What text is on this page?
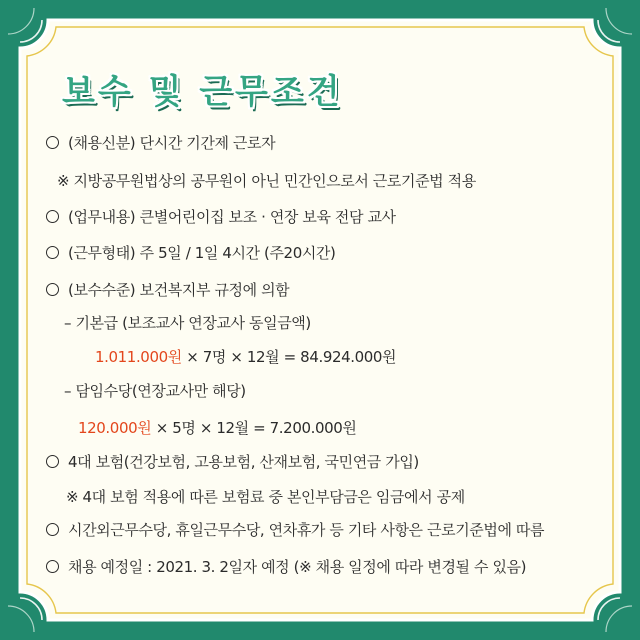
보수 및 근무조건
(채용신분) 단시간 기간제 근로자
※ 지방공무원법상의 공무원이 아닌 민간인으로서 근로기준법 적용
(업무내용) 큰별어린이집 보조 · 연장 보육 전담 교사
(근무형태) 주 5일 / 1일 4시간 (주20시간)
(보수수준) 보건복지부 규정에 의함
– 기본급 (보조교사 연장교사 동일금액)
1.011.000원 × 7명 × 12월 = 84.924.000원
– 담임수당(연장교사만 해당)
120.000원 × 5명 × 12월 = 7.200.000원
4대 보험(건강보험, 고용보험, 산재보험, 국민연금 가입)
※ 4대 보험 적용에 따른 보험료 중 본인부담금은 임금에서 공제
시간외근무수당, 휴일근무수당, 연차휴가 등 기타 사항은 근로기준법에 따름
채용 예정일 : 2021. 3. 2일자 예정 (※ 채용 일정에 따라 변경될 수 있음)
